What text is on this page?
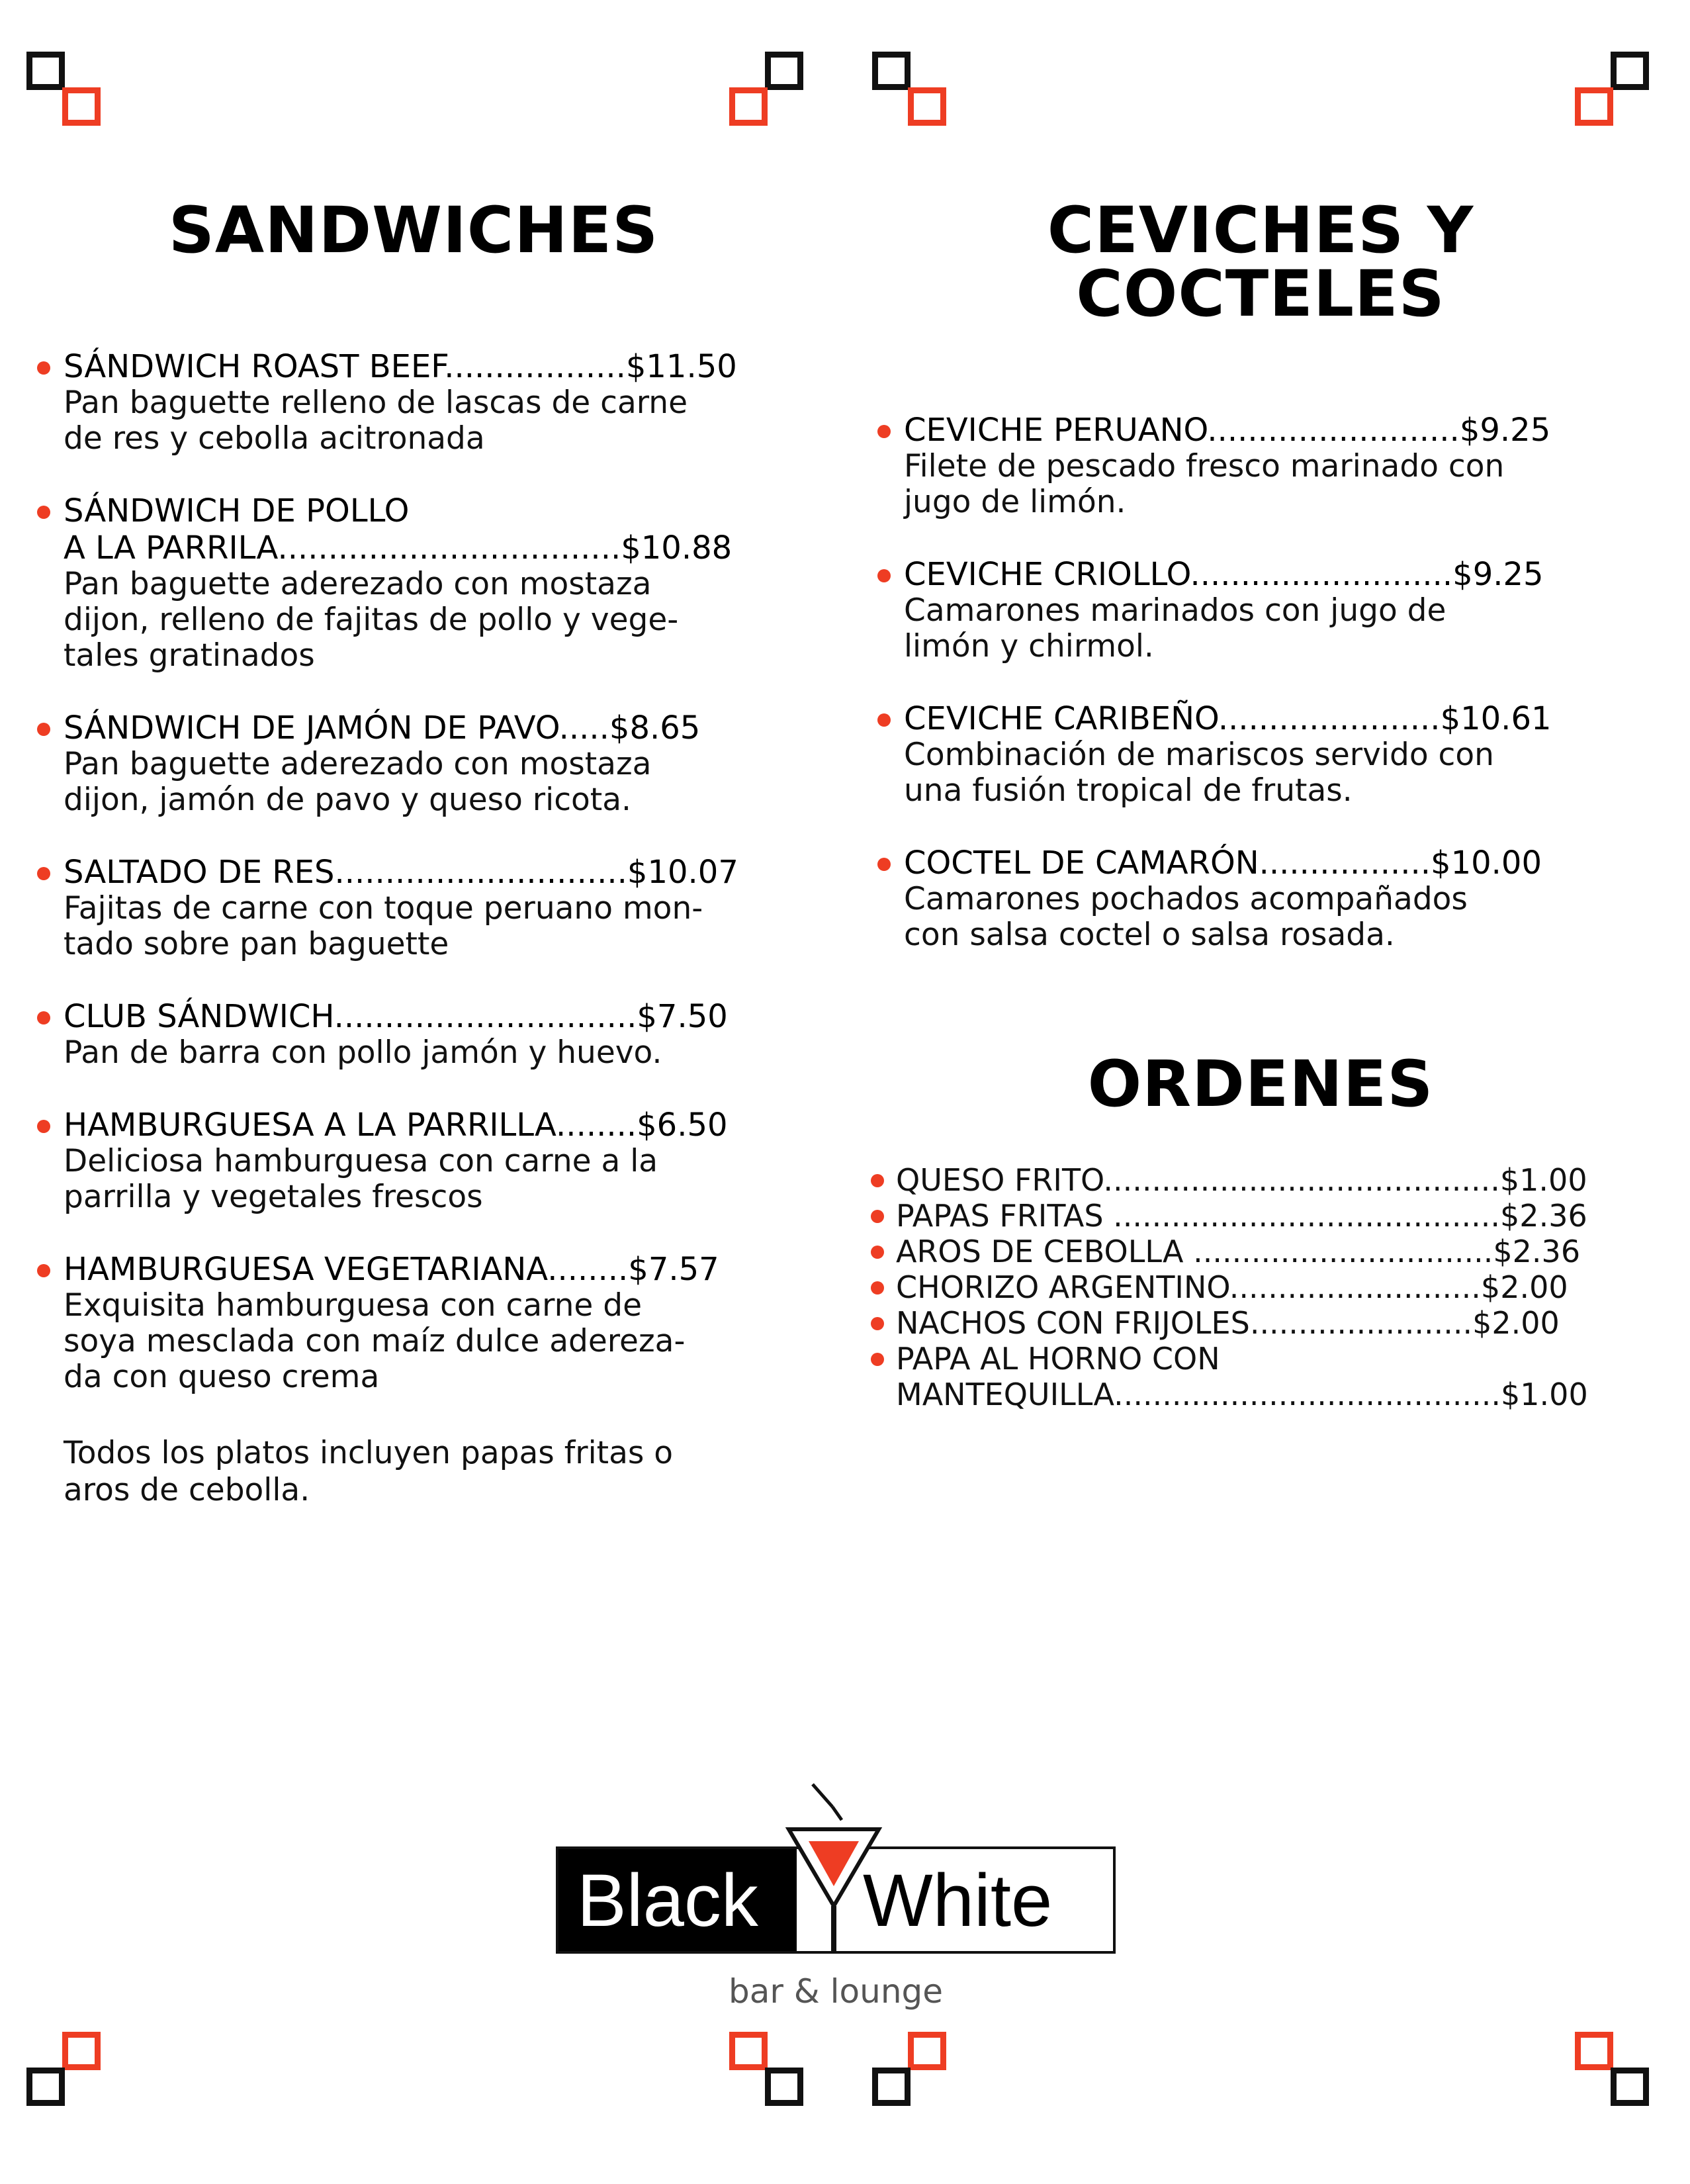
SANDWICHES
SÁNDWICH ROAST BEEF..................$11.50
Pan baguette relleno de lascas de carne
de res y cebolla acitronada
SÁNDWICH DE POLLO
A LA PARRILA..................................$10.88
Pan baguette aderezado con mostaza
dijon, relleno de fajitas de pollo y vege-
tales gratinados
SÁNDWICH DE JAMÓN DE PAVO.....$8.65
Pan baguette aderezado con mostaza
dijon, jamón de pavo y queso ricota.
SALTADO DE RES.............................$10.07
Fajitas de carne con toque peruano mon-
tado sobre pan baguette
CLUB SÁNDWICH..............................$7.50
Pan de barra con pollo jamón y huevo.
HAMBURGUESA A LA PARRILLA........$6.50
Deliciosa hamburguesa con carne a la
parrilla y vegetales frescos
HAMBURGUESA VEGETARIANA........$7.57
Exquisita hamburguesa con carne de
soya mesclada con maíz dulce adereza-
da con queso crema
Todos los platos incluyen papas fritas o
aros de cebolla.
CEVICHES Y COCTELES
CEVICHE PERUANO.........................$9.25
Filete de pescado fresco marinado con
jugo de limón.
CEVICHE CRIOLLO..........................$9.25
Camarones marinados con jugo de
limón y chirmol.
CEVICHE CARIBEÑO......................$10.61
Combinación de mariscos servido con
una fusión tropical de frutas.
COCTEL DE CAMARÓN.................$10.00
Camarones pochados acompañados
con salsa coctel o salsa rosada.
ORDENES
QUESO FRITO.........................................$1.00
PAPAS FRITAS ........................................$2.36
AROS DE CEBOLLA ...............................$2.36
CHORIZO ARGENTINO..........................$2.00
NACHOS CON FRIJOLES.......................$2.00
PAPA AL HORNO CON
MANTEQUILLA........................................$1.00
Black White
bar & lounge
